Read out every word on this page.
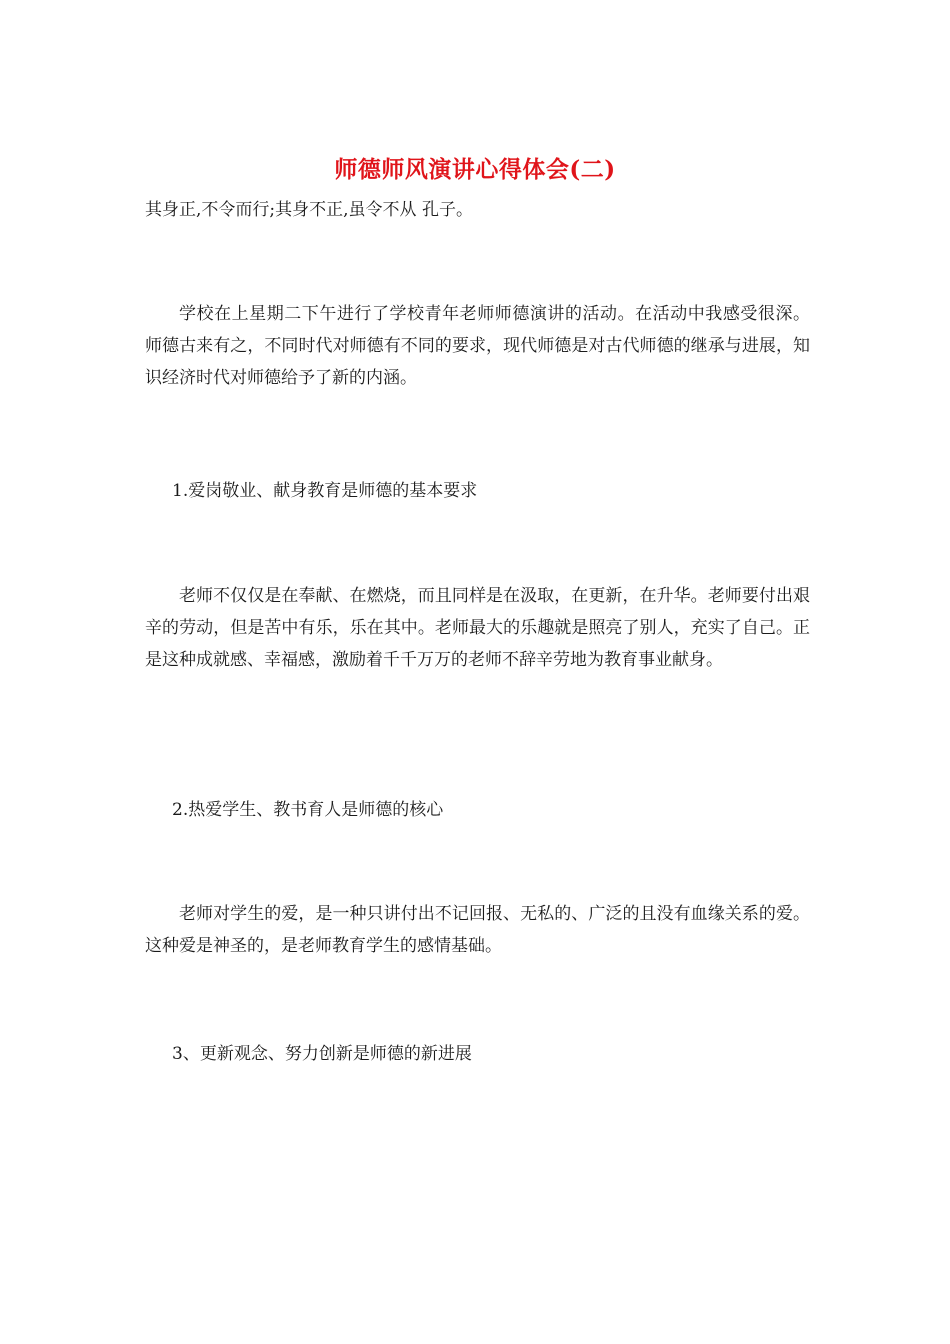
师德师风演讲心得体会(二)

其身正,不令而行;其身不正,虽令不从 孔子。

学校在上星期二下午进行了学校青年老师师德演讲的活动。在活动中我感受很深。 师德古来有之，不同时代对师德有不同的要求，现代师德是对古代师德的继承与进展，知识经济时代对师德给予了新的内涵。

1.爱岗敬业、献身教育是师德的基本要求

老师不仅仅是在奉献、在燃烧，而且同样是在汲取，在更新，在升华。老师要付出艰辛的劳动，但是苦中有乐，乐在其中。老师最大的乐趣就是照亮了别人，充实了自己。正是这种成就感、幸福感，激励着千千万万的老师不辞辛劳地为教育事业献身。

2.热爱学生、教书育人是师德的核心

老师对学生的爱，是一种只讲付出不记回报、无私的、广泛的且没有血缘关系的爱。这种爱是神圣的，是老师教育学生的感情基础。

3、更新观念、努力创新是师德的新进展
